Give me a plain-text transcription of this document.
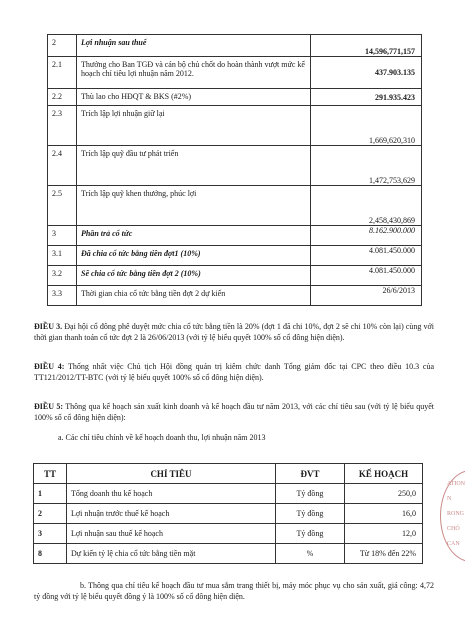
2	Lợi nhuận sau thuế	14,596,771,157
2.1	Thưởng cho Ban TGĐ và cán bộ chủ chốt do hoàn thành vượt mức kế hoạch chỉ tiêu lợi nhuận năm 2012.	437.903.135
2.2	Thù lao cho HĐQT & BKS (#2%)	291.935.423
2.3	Trích lập lợi nhuận giữ lại	1,669,620,310
2.4	Trích lập quỹ đầu tư phát triển	1,472,753,629
2.5	Trích lập quỹ khen thưởng, phúc lợi	2,458,430,869
3	Phần trả cổ tức	8.162.900.000
3.1	Đã chia cổ tức bằng tiền đợt1 (10%)	4.081.450.000
3.2	Sẽ chia cổ tức bằng tiền đợt 2 (10%)	4.081.450.000
3.3	Thời gian chia cổ tức bằng tiền đợt 2 dự kiến	26/6/2013

ĐIỀU 3. Đại hội cổ đông phê duyệt mức chia cổ tức bằng tiền là 20% (đợt 1 đã chi 10%, đợt 2 sẽ chi 10% còn lại) cùng với thời gian thanh toán cổ tức đợt 2 là 26/06/2013 (với tỷ lệ biểu quyết 100% số cổ đông hiện diện).

ĐIỀU 4: Thống nhất việc Chủ tịch Hội đồng quản trị kiêm chức danh Tổng giám đốc tại CPC theo điều 10.3 của TT121/2012/TT-BTC (với tỷ lệ biểu quyết 100% số cổ đông hiện diện).

ĐIỀU 5: Thông qua kế hoạch sản xuất kinh doanh và kế hoạch đầu tư năm 2013, với các chỉ tiêu sau (với tỷ lệ biểu quyết 100% số cổ đông hiện diện):

a. Các chỉ tiêu chính về kế hoạch doanh thu, lợi nhuận năm 2013

TT	CHỈ TIÊU	ĐVT	KẾ HOẠCH
1	Tổng doanh thu kế hoạch	Tỷ đồng	250,0
2	Lợi nhuận trước thuế kế hoạch	Tỷ đồng	16,0
3	Lợi nhuận sau thuế kế hoạch	Tỷ đồng	12,0
8	Dự kiến tỷ lệ chia cổ tức bằng tiền mặt	%	Từ 18% đến 22%

b. Thông qua chỉ tiêu kế hoạch đầu tư mua sắm trang thiết bị, máy móc phục vụ cho sản xuất, giá công: 4,72 tỷ đồng với tỷ lệ biểu quyết đồng ý là 100% số cổ đông hiện diện.

ATION
N
RONG
CHÓ
CAN
